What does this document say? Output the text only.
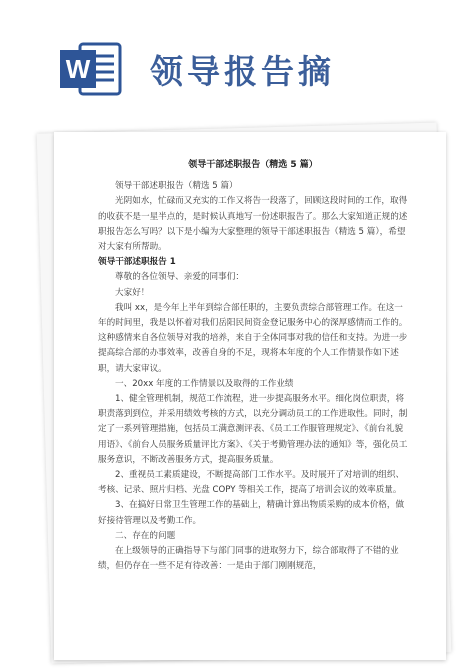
W 领导报告摘

领导干部述职报告（精选 5 篇）

领导干部述职报告（精选 5 篇）

光阴如水，忙碌而又充实的工作又将告一段落了，回顾这段时间的工作，取得的收获不是一星半点的，是时候认真地写一份述职报告了。那么大家知道正规的述职报告怎么写吗？以下是小编为大家整理的领导干部述职报告（精选 5 篇），希望对大家有所帮助。

领导干部述职报告 1

尊敬的各位领导、亲爱的同事们：

大家好！

我叫 xx，是今年上半年到综合部任职的，主要负责综合部管理工作。在这一年的时间里，我是以怀着对我们岳阳民间资金登记服务中心的深厚感情而工作的。这种感情来自各位领导对我的培养，来自于全体同事对我的信任和支持。为进一步提高综合部的办事效率，改善自身的不足，现将本年度的个人工作情景作如下述职，请大家审议。

一、20xx 年度的工作情景以及取得的工作业绩

1、健全管理机制，规范工作流程，进一步提高服务水平。细化岗位职责，将职责落到到位，并采用绩效考核的方式，以充分调动员工的工作进取性。同时，制定了一系列管理措施，包括员工满意测评表、《员工工作服管理规定》、《前台礼貌用语》、《前台人员服务质量评比方案》、《关于考勤管理办法的通知》等，强化员工服务意识，不断改善服务方式，提高服务质量。

2、重视员工素质建设，不断提高部门工作水平。及时展开了对培训的组织、考核、记录、照片归档、光盘 COPY 等相关工作，提高了培训会议的效率质量。

3、在搞好日常卫生管理工作的基础上，精确计算出物质采购的成本价格，做好接待管理以及考勤工作。

二、存在的问题

在上级领导的正确指导下与部门同事的进取努力下，综合部取得了不错的业绩，但仍存在一些不足有待改善：一是由于部门刚刚规范，
